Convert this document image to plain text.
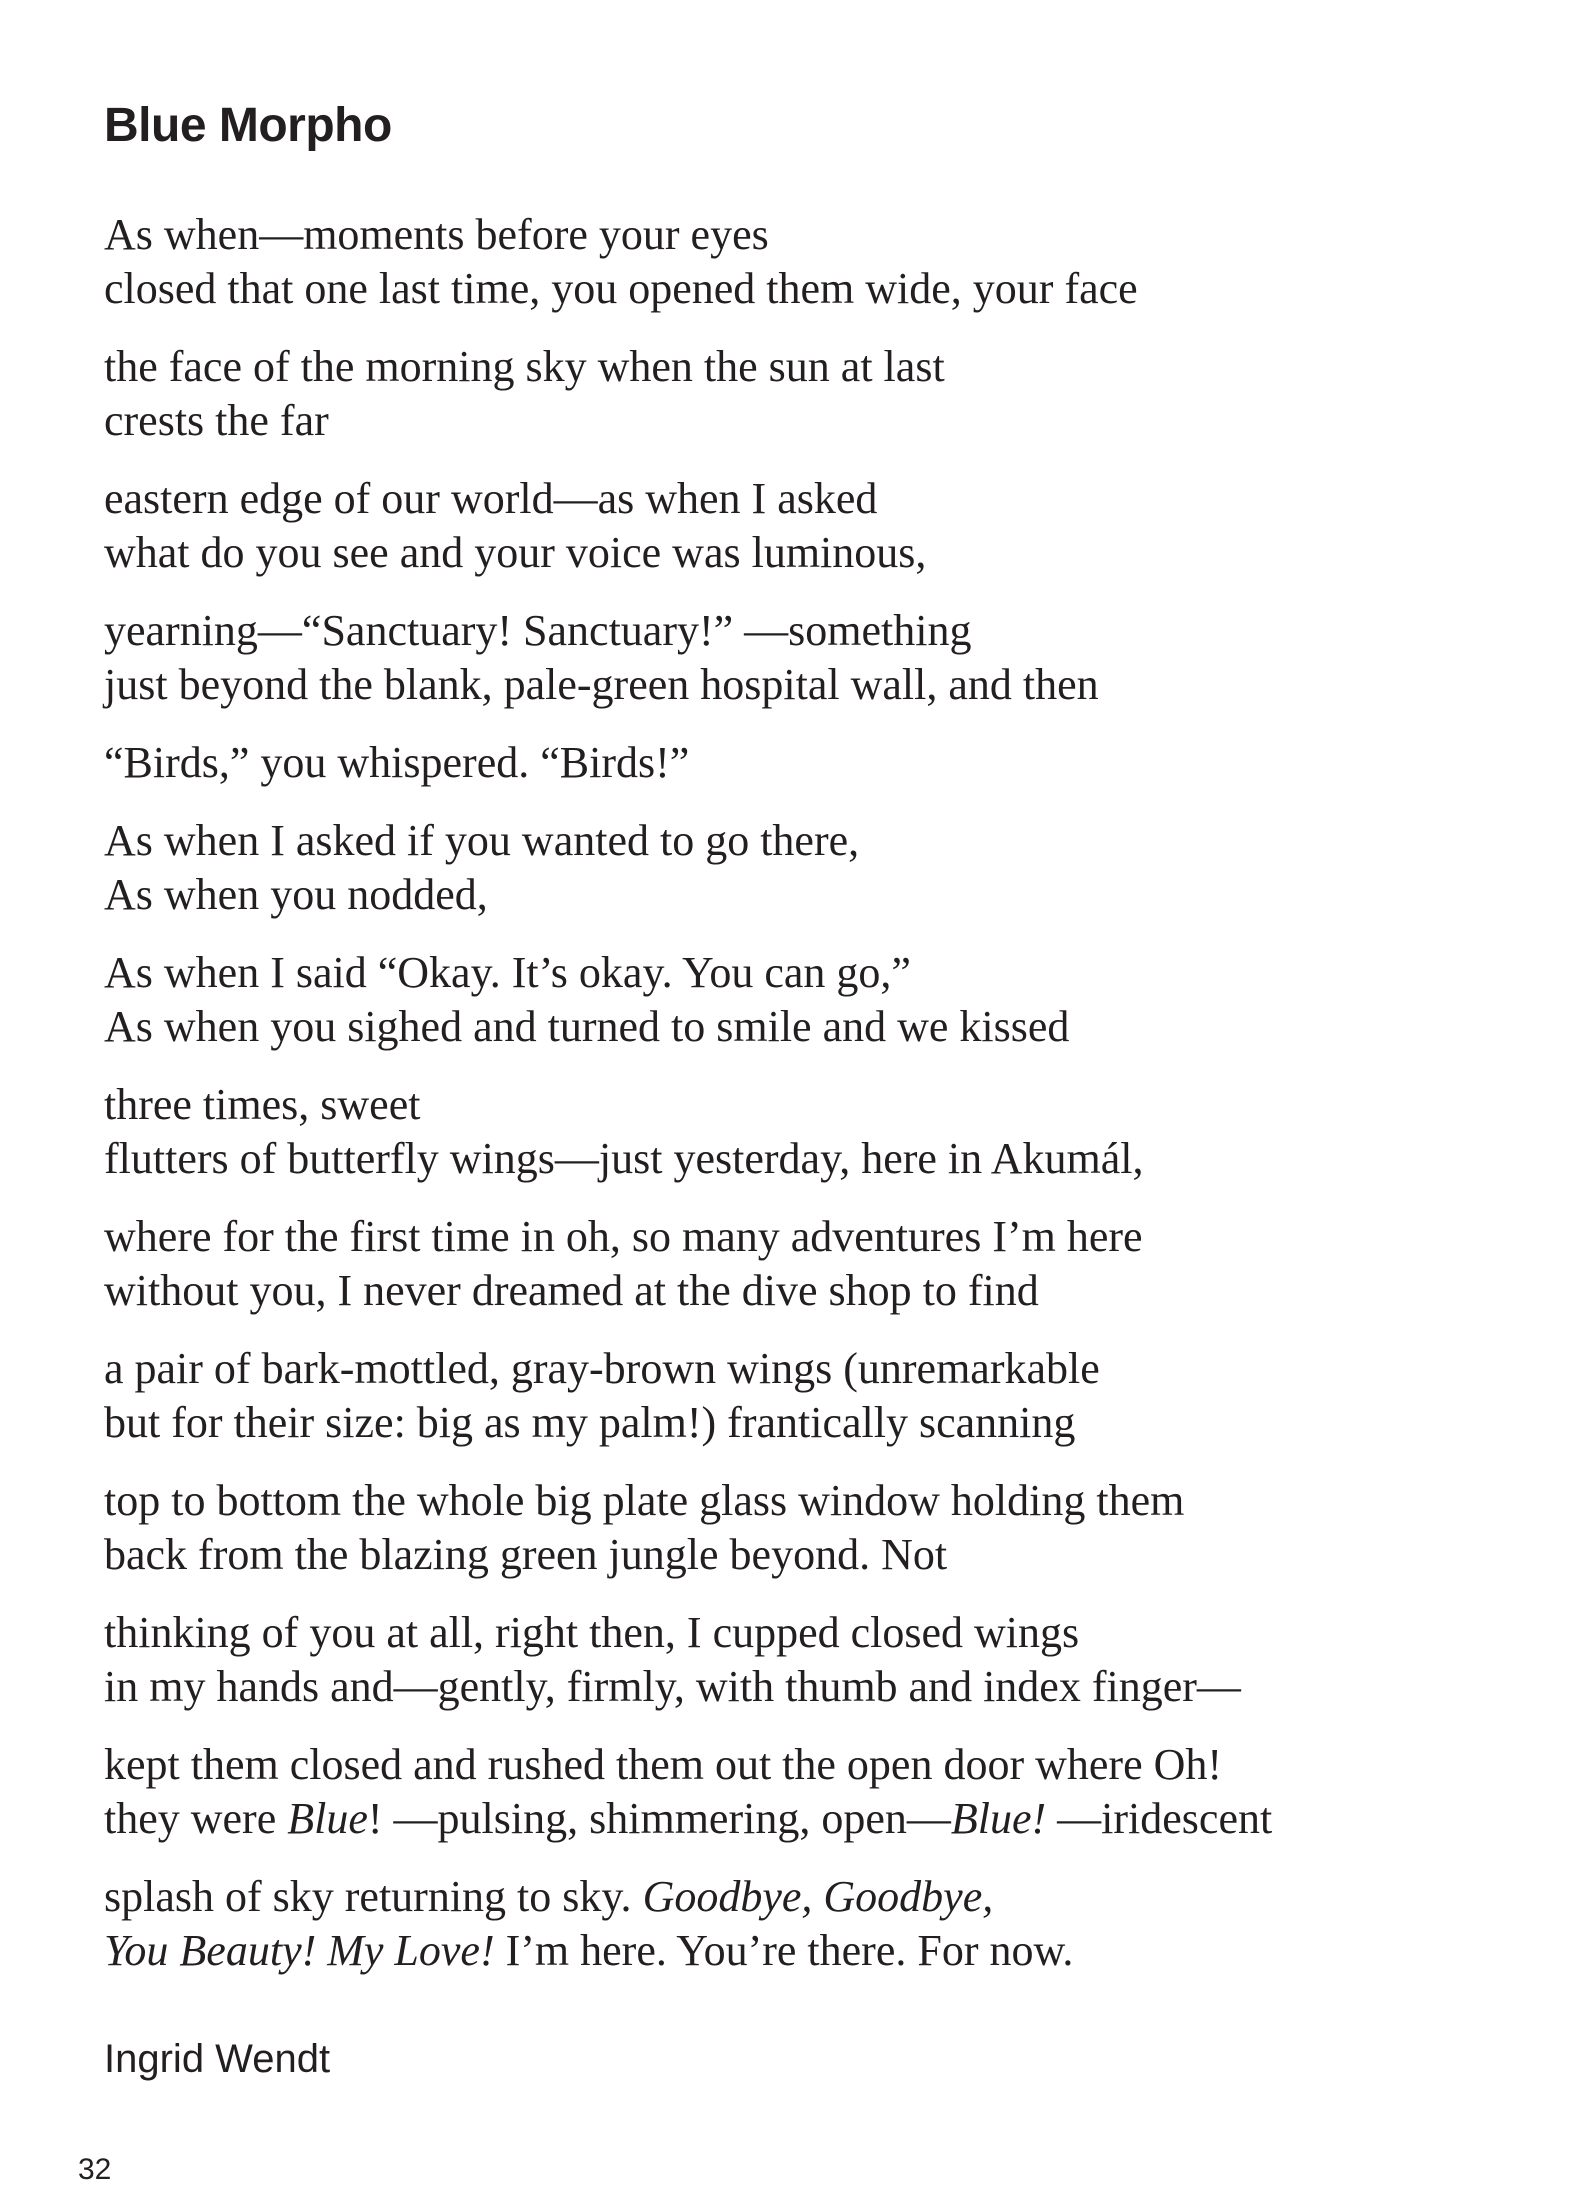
Blue Morpho
As when—moments before your eyes
closed that one last time, you opened them wide, your face
the face of the morning sky when the sun at last
crests the far
eastern edge of our world—as when I asked
what do you see and your voice was luminous,
yearning—“Sanctuary! Sanctuary!” —something
just beyond the blank, pale-green hospital wall, and then
“Birds,” you whispered. “Birds!”
As when I asked if you wanted to go there,
As when you nodded,
As when I said “Okay. It’s okay. You can go,”
As when you sighed and turned to smile and we kissed
three times, sweet
flutters of butterfly wings—just yesterday, here in Akumál,
where for the first time in oh, so many adventures I’m here
without you, I never dreamed at the dive shop to find
a pair of bark-mottled, gray-brown wings (unremarkable
but for their size: big as my palm!) frantically scanning
top to bottom the whole big plate glass window holding them
back from the blazing green jungle beyond. Not
thinking of you at all, right then, I cupped closed wings
in my hands and—gently, firmly, with thumb and index finger—
kept them closed and rushed them out the open door where Oh!
they were Blue! —pulsing, shimmering, open—Blue! —iridescent
splash of sky returning to sky. Goodbye, Goodbye,
You Beauty! My Love! I’m here. You’re there. For now.

Ingrid Wendt

32
